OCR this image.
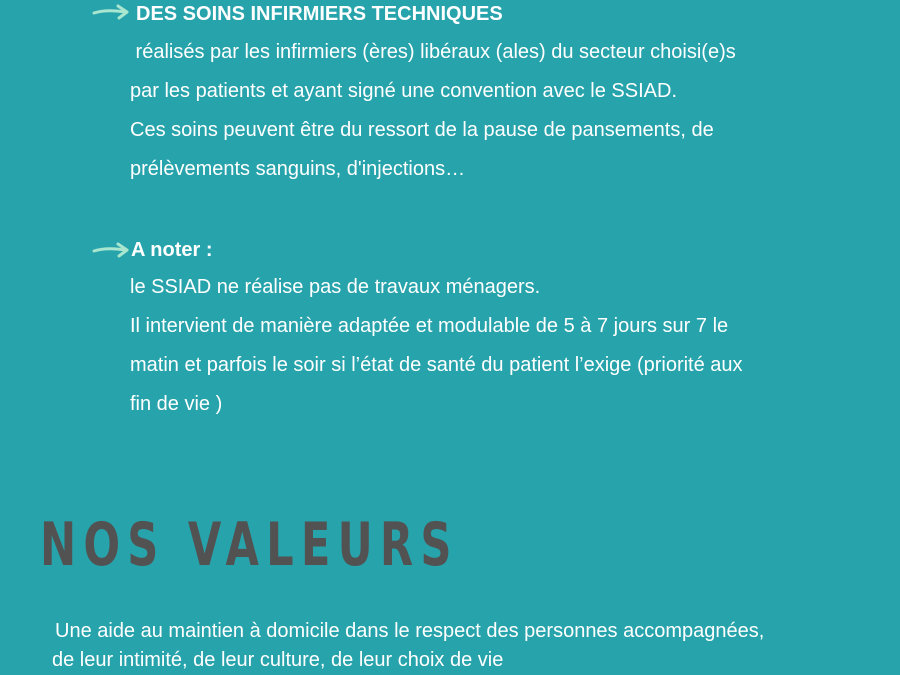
DES SOINS INFIRMIERS TECHNIQUES
réalisés par les infirmiers (ères) libéraux (ales) du secteur choisi(e)s
par les patients et ayant signé une convention avec le SSIAD.
Ces soins peuvent être du ressort de la pause de pansements, de
prélèvements sanguins, d'injections…
A noter :
le SSIAD ne réalise pas de travaux ménagers.
Il intervient de manière adaptée et modulable de 5 à 7 jours sur 7 le
matin et parfois le soir si l’état de santé du patient l’exige (priorité aux
fin de vie )
NOS VALEURS
Une aide au maintien à domicile dans le respect des personnes accompagnées,
de leur intimité, de leur culture, de leur choix de vie
